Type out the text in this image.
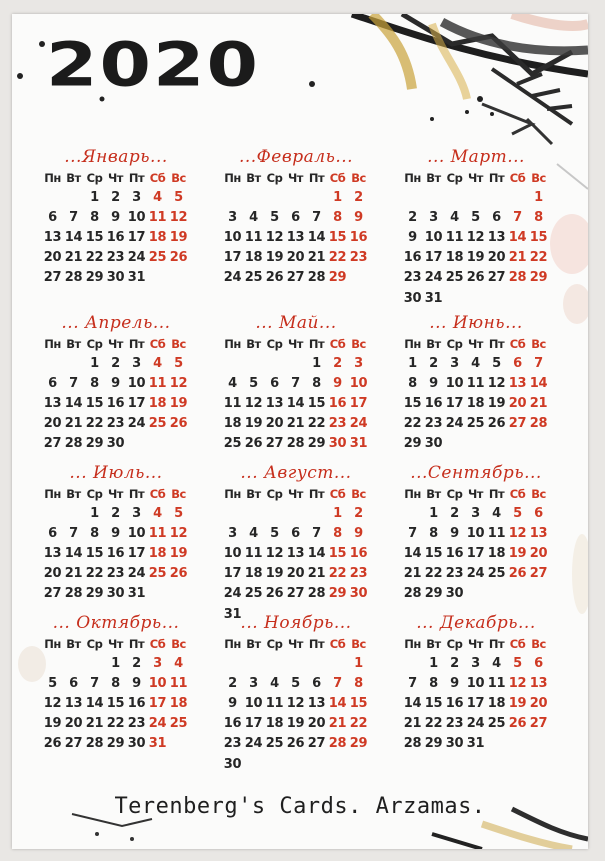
2020
...Январь...
Пн Вт Ср Чт Пт Сб Вс
1 2 3 4 5
6 7 8 9 10 11 12
13 14 15 16 17 18 19
20 21 22 23 24 25 26
27 28 29 30 31
...Февраль...
Пн Вт Ср Чт Пт Сб Вс
1 2
3 4 5 6 7 8 9
10 11 12 13 14 15 16
17 18 19 20 21 22 23
24 25 26 27 28 29
... Март...
Пн Вт Ср Чт Пт Сб Вс
1
2 3 4 5 6 7 8
9 10 11 12 13 14 15
16 17 18 19 20 21 22
23 24 25 26 27 28 29
30 31
... Апрель...
Пн Вт Ср Чт Пт Сб Вс
1 2 3 4 5
6 7 8 9 10 11 12
13 14 15 16 17 18 19
20 21 22 23 24 25 26
27 28 29 30
... Май...
Пн Вт Ср Чт Пт Сб Вс
1 2 3
4 5 6 7 8 9 10
11 12 13 14 15 16 17
18 19 20 21 22 23 24
25 26 27 28 29 30 31
... Июнь...
Пн Вт Ср Чт Пт Сб Вс
1 2 3 4 5 6 7
8 9 10 11 12 13 14
15 16 17 18 19 20 21
22 23 24 25 26 27 28
29 30
... Июль...
Пн Вт Ср Чт Пт Сб Вс
1 2 3 4 5
6 7 8 9 10 11 12
13 14 15 16 17 18 19
20 21 22 23 24 25 26
27 28 29 30 31
... Август...
Пн Вт Ср Чт Пт Сб Вс
1 2
3 4 5 6 7 8 9
10 11 12 13 14 15 16
17 18 19 20 21 22 23
24 25 26 27 28 29 30
31
...Сентябрь...
Пн Вт Ср Чт Пт Сб Вс
1 2 3 4 5 6
7 8 9 10 11 12 13
14 15 16 17 18 19 20
21 22 23 24 25 26 27
28 29 30
... Октябрь...
Пн Вт Ср Чт Пт Сб Вс
1 2 3 4
5 6 7 8 9 10 11
12 13 14 15 16 17 18
19 20 21 22 23 24 25
26 27 28 29 30 31
... Ноябрь...
Пн Вт Ср Чт Пт Сб Вс
1
2 3 4 5 6 7 8
9 10 11 12 13 14 15
16 17 18 19 20 21 22
23 24 25 26 27 28 29
30
... Декабрь...
Пн Вт Ср Чт Пт Сб Вс
1 2 3 4 5 6
7 8 9 10 11 12 13
14 15 16 17 18 19 20
21 22 23 24 25 26 27
28 29 30 31

Terenberg's Cards. Arzamas.
